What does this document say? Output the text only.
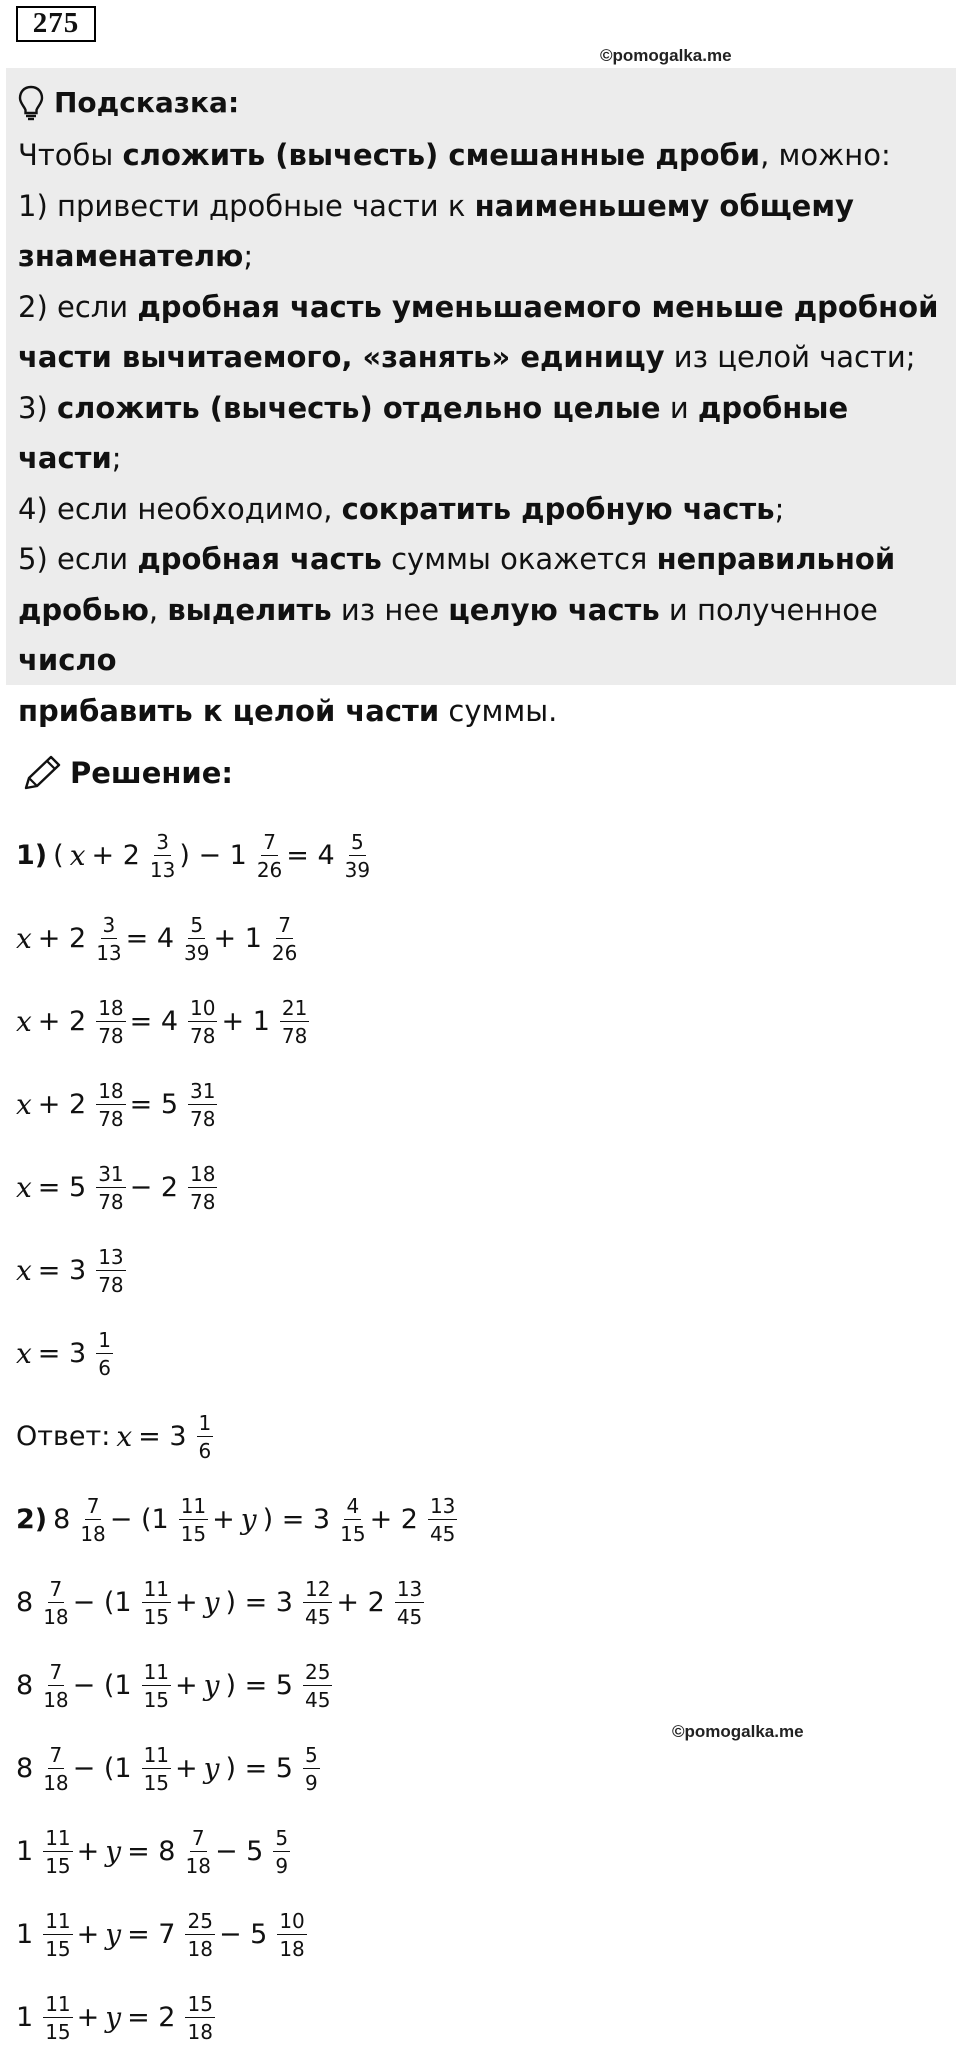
275
©pomogalka.me
Подсказка:

Чтобы сложить (вычесть) смешанные дроби, можно:

1) привести дробные части к наименьшему общему

знаменателю;

2) если дробная часть уменьшаемого меньше дробной

части вычитаемого, «занять» единицу из целой части;

3) сложить (вычесть) отдельно целые и дробные части;

4) если необходимо, сократить дробную часть;

5) если дробная часть суммы окажется неправильной

дробью, выделить из нее целую часть и полученное число

прибавить к целой части суммы.

Решение:
1) ( $x + 2 \frac{3}{13}$ ) − $1 \frac{7}{26} = 4 \frac{5}{39}$
$x + 2 \frac{3}{13} = 4 \frac{5}{39} + 1 \frac{7}{26}$
$x + 2 \frac{18}{78} = 4 \frac{10}{78} + 1 \frac{21}{78}$
$x + 2 \frac{18}{78} = 5 \frac{31}{78}$
$x = 5 \frac{31}{78} - 2 \frac{18}{78}$
$x = 3 \frac{13}{78}$
$x = 3 \frac{1}{6}$
Ответ: $x = 3 \frac{1}{6}$
2) $8 \frac{7}{18} - (1 \frac{11}{15} + y$ ) = $3 \frac{4}{15} + 2 \frac{13}{45}$
$8 \frac{7}{18} - (1 \frac{11}{15} + y$ ) = $3 \frac{12}{45} + 2 \frac{13}{45}$
$8 \frac{7}{18} - (1 \frac{11}{15} + y$ ) = $5 \frac{25}{45}$
$8 \frac{7}{18} - (1 \frac{11}{15} + y$ ) = $5 \frac{5}{9}$
$1 \frac{11}{15} + y = 8 \frac{7}{18} - 5 \frac{5}{9}$
$1 \frac{11}{15} + y = 7 \frac{25}{18} - 5 \frac{10}{18}$
$1 \frac{11}{15} + y = 2 \frac{15}{18}$
©pomogalka.me
